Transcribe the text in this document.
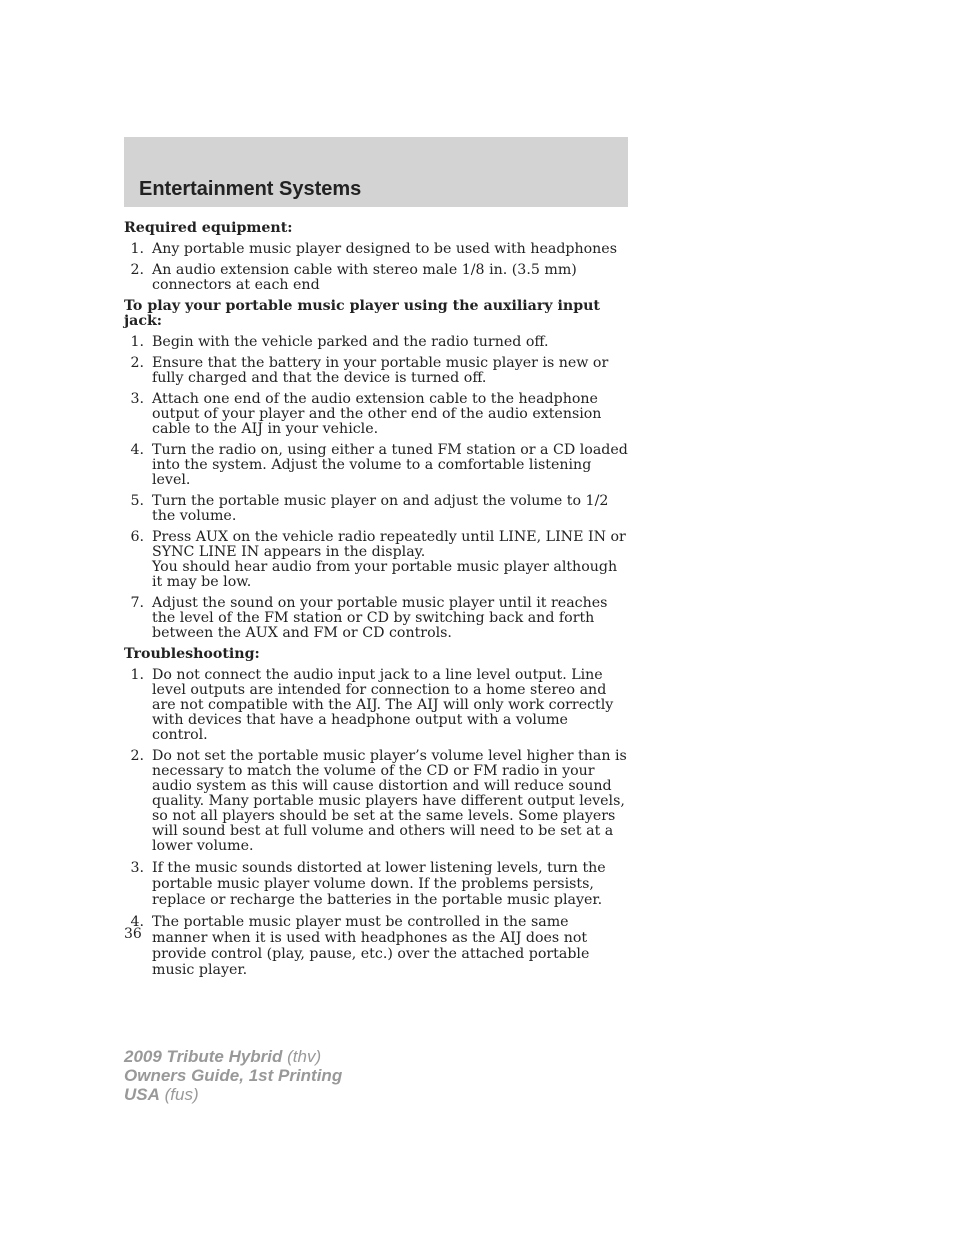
Entertainment Systems
Required equipment:
1. Any portable music player designed to be used with headphones
2. An audio extension cable with stereo male 1/8 in. (3.5 mm) connectors at each end
To play your portable music player using the auxiliary input jack:
1. Begin with the vehicle parked and the radio turned off.
2. Ensure that the battery in your portable music player is new or fully charged and that the device is turned off.
3. Attach one end of the audio extension cable to the headphone output of your player and the other end of the audio extension cable to the AIJ in your vehicle.
4. Turn the radio on, using either a tuned FM station or a CD loaded into the system. Adjust the volume to a comfortable listening level.
5. Turn the portable music player on and adjust the volume to 1/2 the volume.
6. Press AUX on the vehicle radio repeatedly until LINE, LINE IN or SYNC LINE IN appears in the display.
You should hear audio from your portable music player although it may be low.
7. Adjust the sound on your portable music player until it reaches the level of the FM station or CD by switching back and forth between the AUX and FM or CD controls.
Troubleshooting:
1. Do not connect the audio input jack to a line level output. Line level outputs are intended for connection to a home stereo and are not compatible with the AIJ. The AIJ will only work correctly with devices that have a headphone output with a volume control.
2. Do not set the portable music player’s volume level higher than is necessary to match the volume of the CD or FM radio in your audio system as this will cause distortion and will reduce sound quality. Many portable music players have different output levels, so not all players should be set at the same levels. Some players will sound best at full volume and others will need to be set at a lower volume.
3. If the music sounds distorted at lower listening levels, turn the portable music player volume down. If the problems persists, replace or recharge the batteries in the portable music player.
4. The portable music player must be controlled in the same manner when it is used with headphones as the AIJ does not provide control (play, pause, etc.) over the attached portable music player.
36
2009 Tribute Hybrid (thv)
Owners Guide, 1st Printing
USA (fus)
